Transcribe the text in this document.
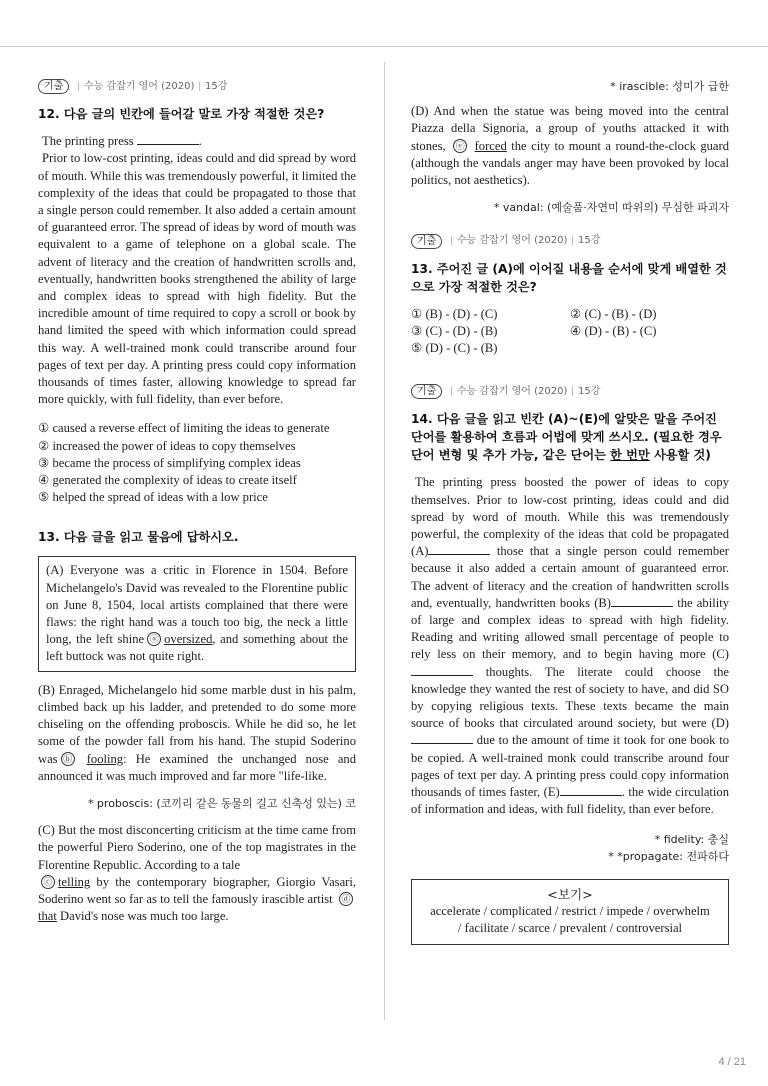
기출	| 수능 감잡기 영어 (2020) | 15강
12. 다음 글의 빈칸에 들어갈 말로 가장 적절한 것은?

The printing press	.

Prior to low-cost printing, ideas could and did spread by word of mouth. While this was tremendously powerful, it limited the complexity of the ideas that could be propagated to those that a single person could remember. It also added a certain amount of guaranteed error. The spread of ideas by word of mouth was equivalent to a game of telephone on a global scale. The advent of literacy and the creation of handwritten scrolls and, eventually, handwritten books strengthened the ability of large and complex ideas to spread with high fidelity. But the incredible amount of time required to copy a scroll or book by hand limited the speed with which information could spread this way. A well-trained monk could transcribe around four pages of text per day. A printing press could copy information thousands of times faster, allowing knowledge to spread far more quickly, with full fidelity, than ever before.

① caused a reverse effect of limiting the ideas to generate
② increased the power of ideas to copy themselves
③ became the process of simplifying complex ideas
④ generated the complexity of ideas to create itself
⑤ helped the spread of ideas with a low price
13. 다음 글을 읽고 물음에 답하시오.

(A) Everyone was a critic in Florence in 1504. Before Michelangelo's David was revealed to the Florentine public on June 8, 1504, local artists complained that there were flaws: the right hand was a touch too big, the neck a little long, the left shine ⓐ oversized, and something about the left buttock was not quite right.

(B) Enraged, Michelangelo hid some marble dust in his palm, climbed back up his ladder, and pretended to do some more chiseling on the offending proboscis. While he did so, he let some of the powder fall from his hand. The stupid Soderino was ⓑ fooling: He examined the unchanged nose and announced it was much improved and far more "life-like.

* proboscis: (코끼리 같은 동물의 길고 신축성 있는) 코

(C) But the most disconcerting criticism at the time came from the powerful Piero Soderino, one of the top magistrates in the Florentine Republic. According to a tale
ⓒ telling by the contemporary biographer, Giorgio Vasari, Soderino went so far as to tell the famously irascible artist ⓓthat David's nose was much too large.

* irascible: 성미가 급한

(D) And when the statue was being moved into the central Piazza della Signoria, a group of youths attacked it with stones, ⓔ forced the city to mount a round-the-clock guard (although the vandals anger may have been provoked by local politics, not aesthetics).

* vandal: (예술품·자연미 따위의) 무심한 파괴자
기출	| 수능 감잡기 영어 (2020) | 15강
13. 주어진 글 (A)에 이어질 내용을 순서에 맞게 배열한 것으로 가장 적절한 것은?
① (B) - (D) - (C)	② (C) - (B) - (D)
③ (C) - (D) - (B)	④ (D) - (B) - (C)
⑤ (D) - (C) - (B)
기출	| 수능 감잡기 영어 (2020) | 15강
14. 다음 글을 읽고 빈칸 (A)~(E)에 알맞은 말을 주어진 단어를 활용하여 흐름과 어법에 맞게 쓰시오. (필요한 경우 단어 변형 및 추가 가능, 같은 단어는 한 번만 사용할 것)

The printing press boosted the power of ideas to copy themselves. Prior to low-cost printing, ideas could and did spread by word of mouth. While this was tremendously powerful, the complexity of the ideas that cold be propagated (A)	those that a single person could remember because it also added a certain amount of guaranteed error. The advent of literacy and the creation of handwritten scrolls and, eventually, handwritten books (B)	the ability of large and complex ideas to spread with high fidelity. Reading and writing allowed small percentage of people to rely less on their memory, and to begin having more (C) thoughts. The literate could choose the knowledge they wanted the rest of society to have, and did SO by copying religious texts. These texts became the main source of books that circulated around society, but were (D) due to the amount of time it took for one book to be copied. A well-trained monk could transcribe around four pages of text per day. A printing press could copy information thousands of times faster, (E)	. the wide circulation of information and ideas, with full fidelity, than ever before.

* fidelity: 충실
* *propagate: 전파하다
<보기>
accelerate / complicated / restrict / impede / overwhelm
/ facilitate / scarce / prevalent / controversial
4 / 21
